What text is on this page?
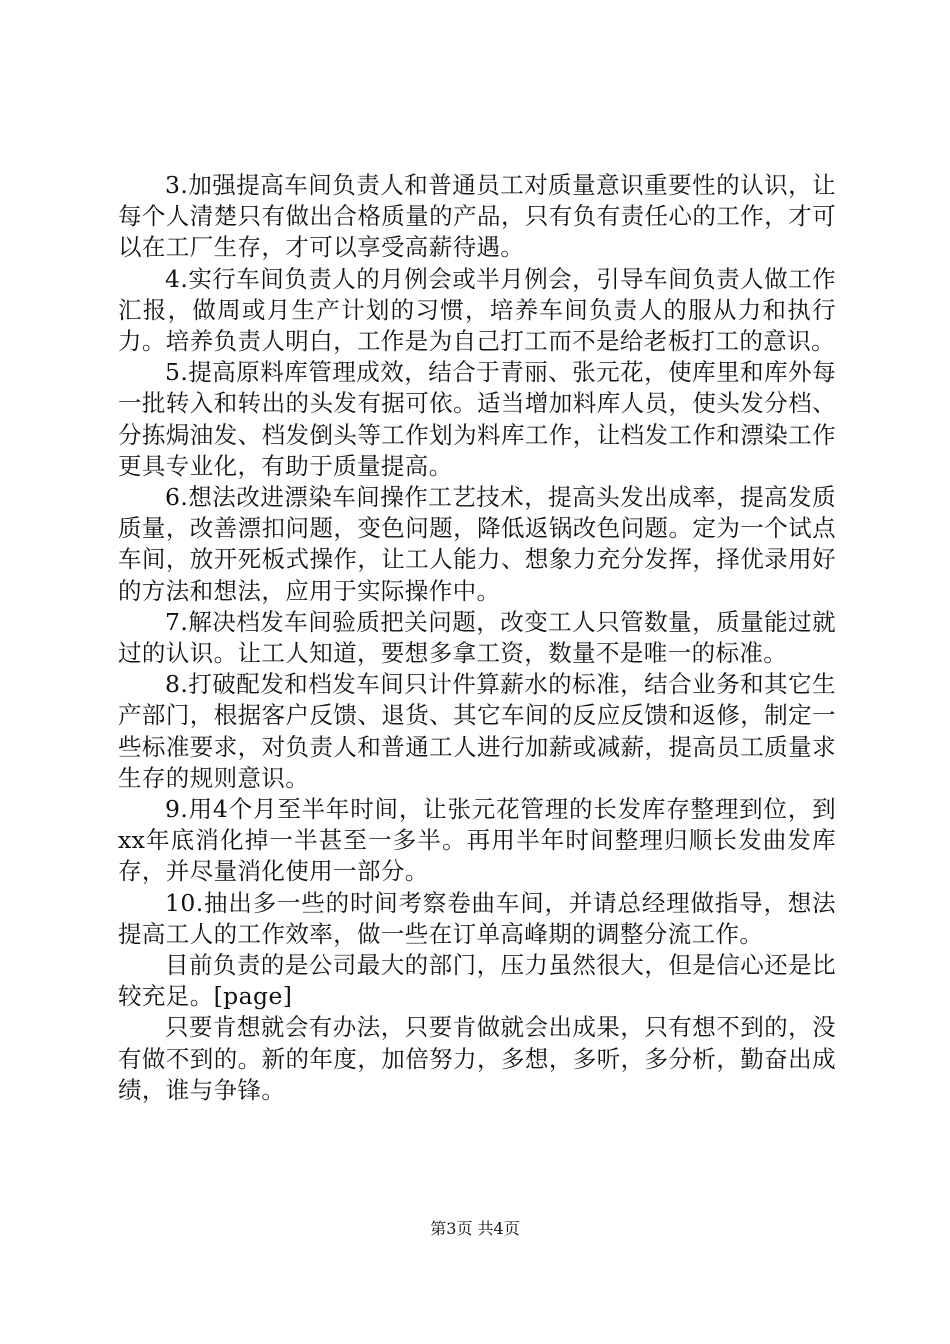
3.加强提高车间负责人和普通员工对质量意识重要性的认识，让每个人清楚只有做出合格质量的产品，只有负有责任心的工作，才可以在工厂生存，才可以享受高薪待遇。

4.实行车间负责人的月例会或半月例会，引导车间负责人做工作汇报，做周或月生产计划的习惯，培养车间负责人的服从力和执行力。培养负责人明白，工作是为自己打工而不是给老板打工的意识。

5.提高原料库管理成效，结合于青丽、张元花，使库里和库外每一批转入和转出的头发有据可依。适当增加料库人员，使头发分档、分拣焗油发、档发倒头等工作划为料库工作，让档发工作和漂染工作更具专业化，有助于质量提高。

6.想法改进漂染车间操作工艺技术，提高头发出成率，提高发质质量，改善漂扣问题，变色问题，降低返锅改色问题。定为一个试点车间，放开死板式操作，让工人能力、想象力充分发挥，择优录用好的方法和想法，应用于实际操作中。

7.解决档发车间验质把关问题，改变工人只管数量，质量能过就过的认识。让工人知道，要想多拿工资，数量不是唯一的标准。

8.打破配发和档发车间只计件算薪水的标准，结合业务和其它生产部门，根据客户反馈、退货、其它车间的反应反馈和返修，制定一些标准要求，对负责人和普通工人进行加薪或减薪，提高员工质量求生存的规则意识。

9.用4个月至半年时间，让张元花管理的长发库存整理到位，到xx年底消化掉一半甚至一多半。再用半年时间整理归顺长发曲发库存，并尽量消化使用一部分。

10.抽出多一些的时间考察卷曲车间，并请总经理做指导，想法提高工人的工作效率，做一些在订单高峰期的调整分流工作。

目前负责的是公司最大的部门，压力虽然很大，但是信心还是比较充足。[page]

只要肯想就会有办法，只要肯做就会出成果，只有想不到的，没有做不到的。新的年度，加倍努力，多想，多听，多分析，勤奋出成绩，谁与争锋。

第3页 共4页
